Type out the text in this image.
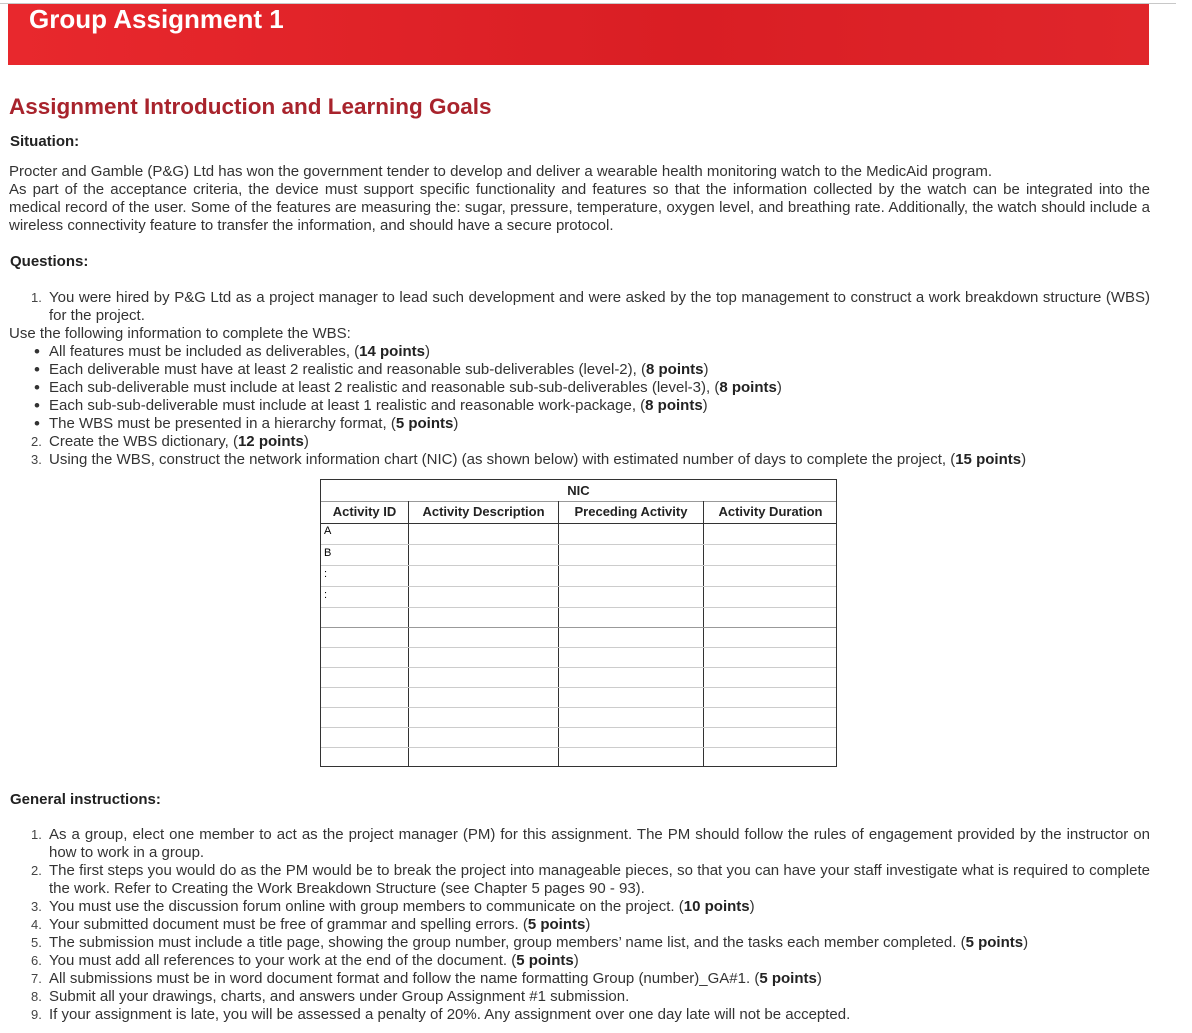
Group Assignment 1
Assignment Introduction and Learning Goals
Situation:

Procter and Gamble (P&G) Ltd has won the government tender to develop and deliver a wearable health monitoring watch to the MedicAid program.

As part of the acceptance criteria, the device must support specific functionality and features so that the information collected by the watch can be integrated into the medical record of the user. Some of the features are measuring the: sugar, pressure, temperature, oxygen level, and breathing rate. Additionally, the watch should include a wireless connectivity feature to transfer the information, and should have a secure protocol.

Questions:
1. You were hired by P&G Ltd as a project manager to lead such development and were asked by the top management to construct a work breakdown structure (WBS) for the project.
Use the following information to complete the WBS:
• All features must be included as deliverables, (14 points)
• Each deliverable must have at least 2 realistic and reasonable sub-deliverables (level-2), (8 points)
• Each sub-deliverable must include at least 2 realistic and reasonable sub-sub-deliverables (level-3), (8 points)
• Each sub-sub-deliverable must include at least 1 realistic and reasonable work-package, (8 points)
• The WBS must be presented in a hierarchy format, (5 points)
2. Create the WBS dictionary, (12 points)
3. Using the WBS, construct the network information chart (NIC) (as shown below) with estimated number of days to complete the project, (15 points)
NIC
Activity ID	Activity Description	Preceding Activity	Activity Duration
A
B
:
:
General instructions:
1. As a group, elect one member to act as the project manager (PM) for this assignment. The PM should follow the rules of engagement provided by the instructor on how to work in a group.
2. The first steps you would do as the PM would be to break the project into manageable pieces, so that you can have your staff investigate what is required to complete the work. Refer to Creating the Work Breakdown Structure (see Chapter 5 pages 90 - 93).
3. You must use the discussion forum online with group members to communicate on the project. (10 points)
4. Your submitted document must be free of grammar and spelling errors. (5 points)
5. The submission must include a title page, showing the group number, group members’ name list, and the tasks each member completed. (5 points)
6. You must add all references to your work at the end of the document. (5 points)
7. All submissions must be in word document format and follow the name formatting Group (number)_GA#1. (5 points)
8. Submit all your drawings, charts, and answers under Group Assignment #1 submission.
9. If your assignment is late, you will be assessed a penalty of 20%. Any assignment over one day late will not be accepted.
